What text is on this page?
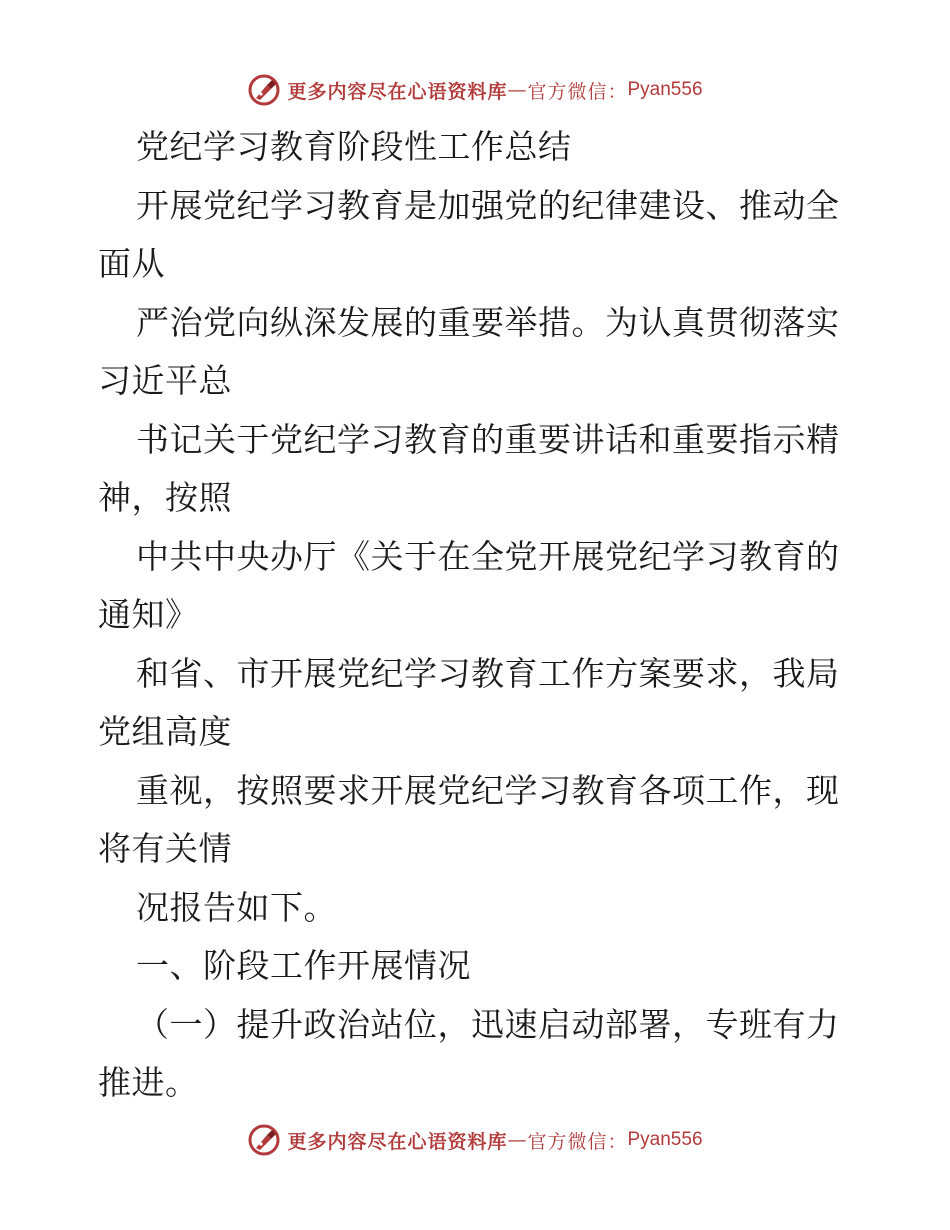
更多内容尽在心语资料库 — 官方微信： Pyan556
党纪学习教育阶段性工作总结
开展党纪学习教育是加强党的纪律建设、推动全
面从
严治党向纵深发展的重要举措。为认真贯彻落实
习近平总
书记关于党纪学习教育的重要讲话和重要指示精
神，按照
中共中央办厅《关于在全党开展党纪学习教育的
通知》
和省、市开展党纪学习教育工作方案要求，我局
党组高度
重视，按照要求开展党纪学习教育各项工作，现
将有关情
况报告如下。
一、阶段工作开展情况
（一）提升政治站位，迅速启动部署，专班有力
推进。
更多内容尽在心语资料库 — 官方微信： Pyan556
